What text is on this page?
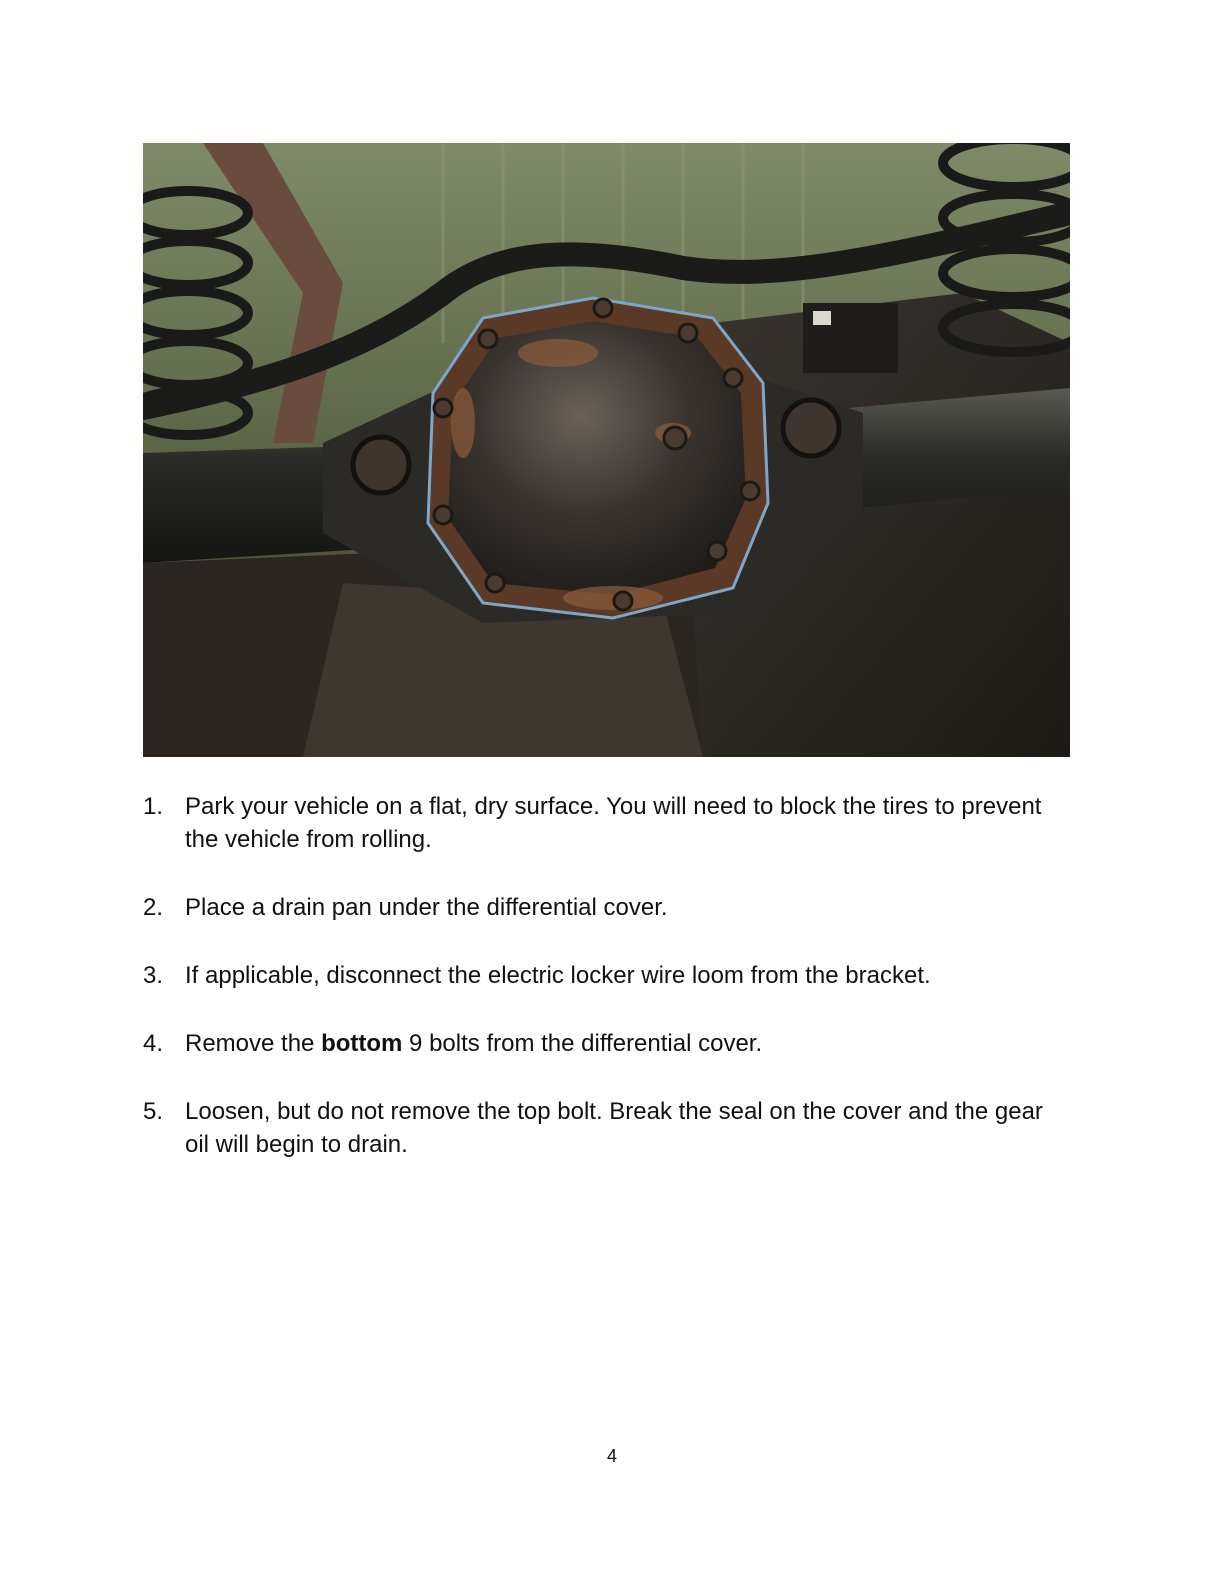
1. Park your vehicle on a flat, dry surface. You will need to block the tires to prevent the vehicle from rolling.
2. Place a drain pan under the differential cover.
3. If applicable, disconnect the electric locker wire loom from the bracket.
4. Remove the bottom 9 bolts from the differential cover.
5. Loosen, but do not remove the top bolt. Break the seal on the cover and the gear oil will begin to drain.
4
